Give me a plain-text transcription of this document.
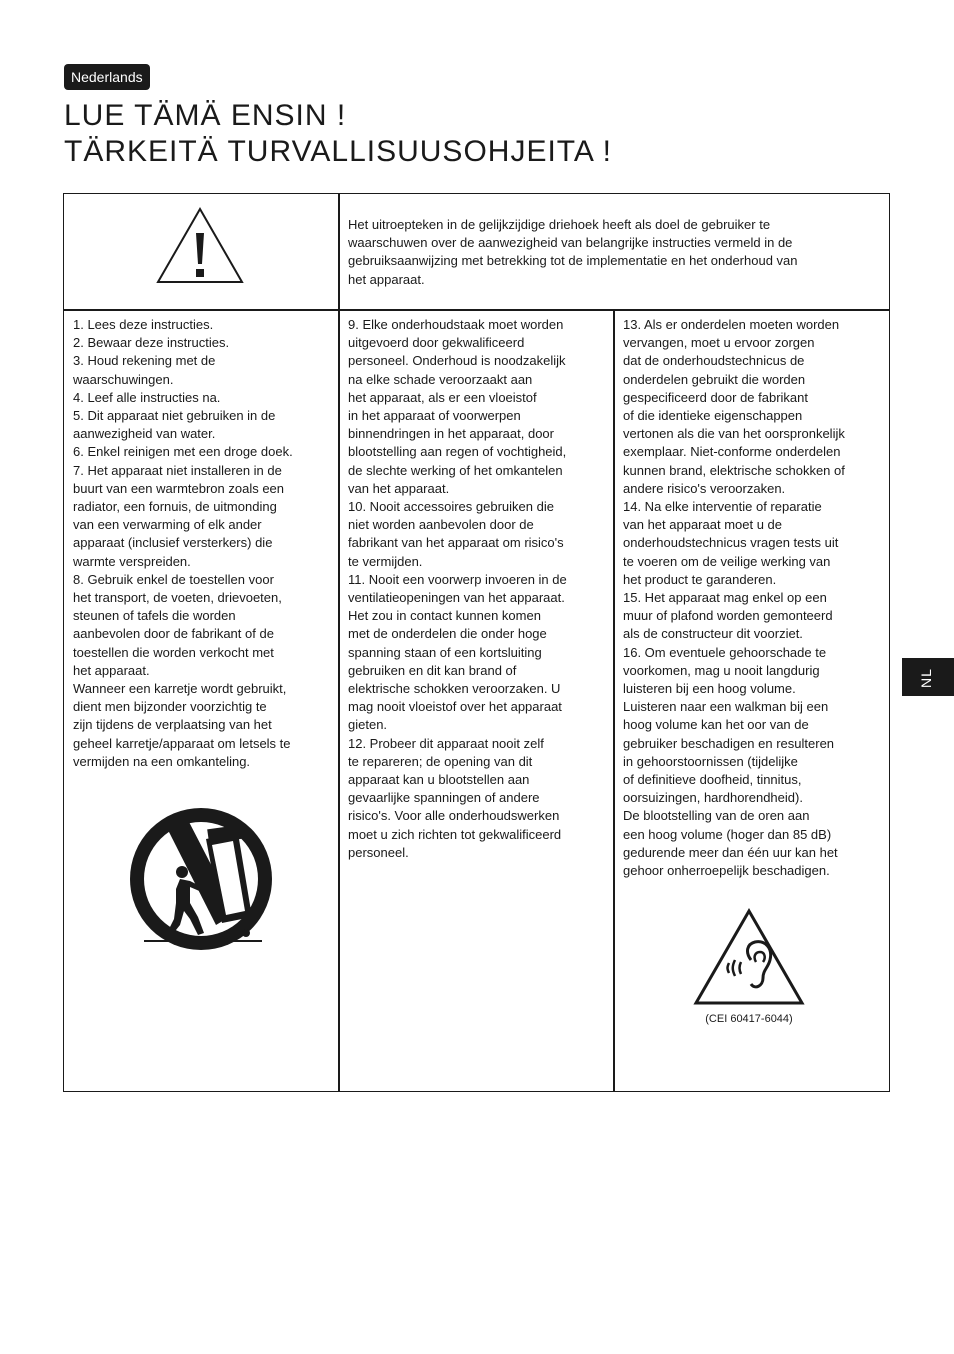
Nederlands
LUE TÄMÄ ENSIN !
TÄRKEITÄ TURVALLISUUSOHJEITA !

Het uitroepteken in de gelijkzijdige driehoek heeft als doel de gebruiker te

waarschuwen over de aanwezigheid van belangrijke instructies vermeld in de

gebruiksaanwijzing met betrekking tot de implementatie en het onderhoud van

het apparaat.

1. Lees deze instructies.

2. Bewaar deze instructies.

3. Houd rekening met de

waarschuwingen.

4. Leef alle instructies na.

5. Dit apparaat niet gebruiken in de

aanwezigheid van water.

6. Enkel reinigen met een droge doek.

7. Het apparaat niet installeren in de

buurt van een warmtebron zoals een

radiator, een fornuis, de uitmonding

van een verwarming of elk ander

apparaat (inclusief versterkers) die

warmte verspreiden.

8. Gebruik enkel de toestellen voor

het transport, de voeten, drievoeten,

steunen of tafels die worden

aanbevolen door de fabrikant of de

toestellen die worden verkocht met

het apparaat.

Wanneer een karretje wordt gebruikt,

dient men bijzonder voorzichtig te

zijn tijdens de verplaatsing van het

geheel karretje/apparaat om letsels te

vermijden na een omkanteling.

9. Elke onderhoudstaak moet worden

uitgevoerd door gekwalificeerd

personeel. Onderhoud is noodzakelijk

na elke schade veroorzaakt aan

het apparaat, als er een vloeistof

in het apparaat of voorwerpen

binnendringen in het apparaat, door

blootstelling aan regen of vochtigheid,

de slechte werking of het omkantelen

van het apparaat.

10. Nooit accessoires gebruiken die

niet worden aanbevolen door de

fabrikant van het apparaat om risico's

te vermijden.

11. Nooit een voorwerp invoeren in de

ventilatieopeningen van het apparaat.

Het zou in contact kunnen komen

met de onderdelen die onder hoge

spanning staan of een kortsluiting

gebruiken en dit kan brand of

elektrische schokken veroorzaken. U

mag nooit vloeistof over het apparaat

gieten.

12. Probeer dit apparaat nooit zelf

te repareren; de opening van dit

apparaat kan u blootstellen aan

gevaarlijke spanningen of andere

risico's. Voor alle onderhoudswerken

moet u zich richten tot gekwalificeerd

personeel.

13. Als er onderdelen moeten worden

vervangen, moet u ervoor zorgen

dat de onderhoudstechnicus de

onderdelen gebruikt die worden

gespecificeerd door de fabrikant

of die identieke eigenschappen

vertonen als die van het oorspronkelijk

exemplaar. Niet-conforme onderdelen

kunnen brand, elektrische schokken of

andere risico's veroorzaken.

14. Na elke interventie of reparatie

van het apparaat moet u de

onderhoudstechnicus vragen tests uit

te voeren om de veilige werking van

het product te garanderen.

15. Het apparaat mag enkel op een

muur of plafond worden gemonteerd

als de constructeur dit voorziet.

16. Om eventuele gehoorschade te

voorkomen, mag u nooit langdurig

luisteren bij een hoog volume.

Luisteren naar een walkman bij een

hoog volume kan het oor van de

gebruiker beschadigen en resulteren

in gehoorstoornissen (tijdelijke

of definitieve doofheid, tinnitus,

oorsuizingen, hardhorendheid).

De blootstelling van de oren aan

een hoog volume (hoger dan 85 dB)

gedurende meer dan één uur kan het

gehoor onherroepelijk beschadigen.

(CEI 60417-6044)
NL
